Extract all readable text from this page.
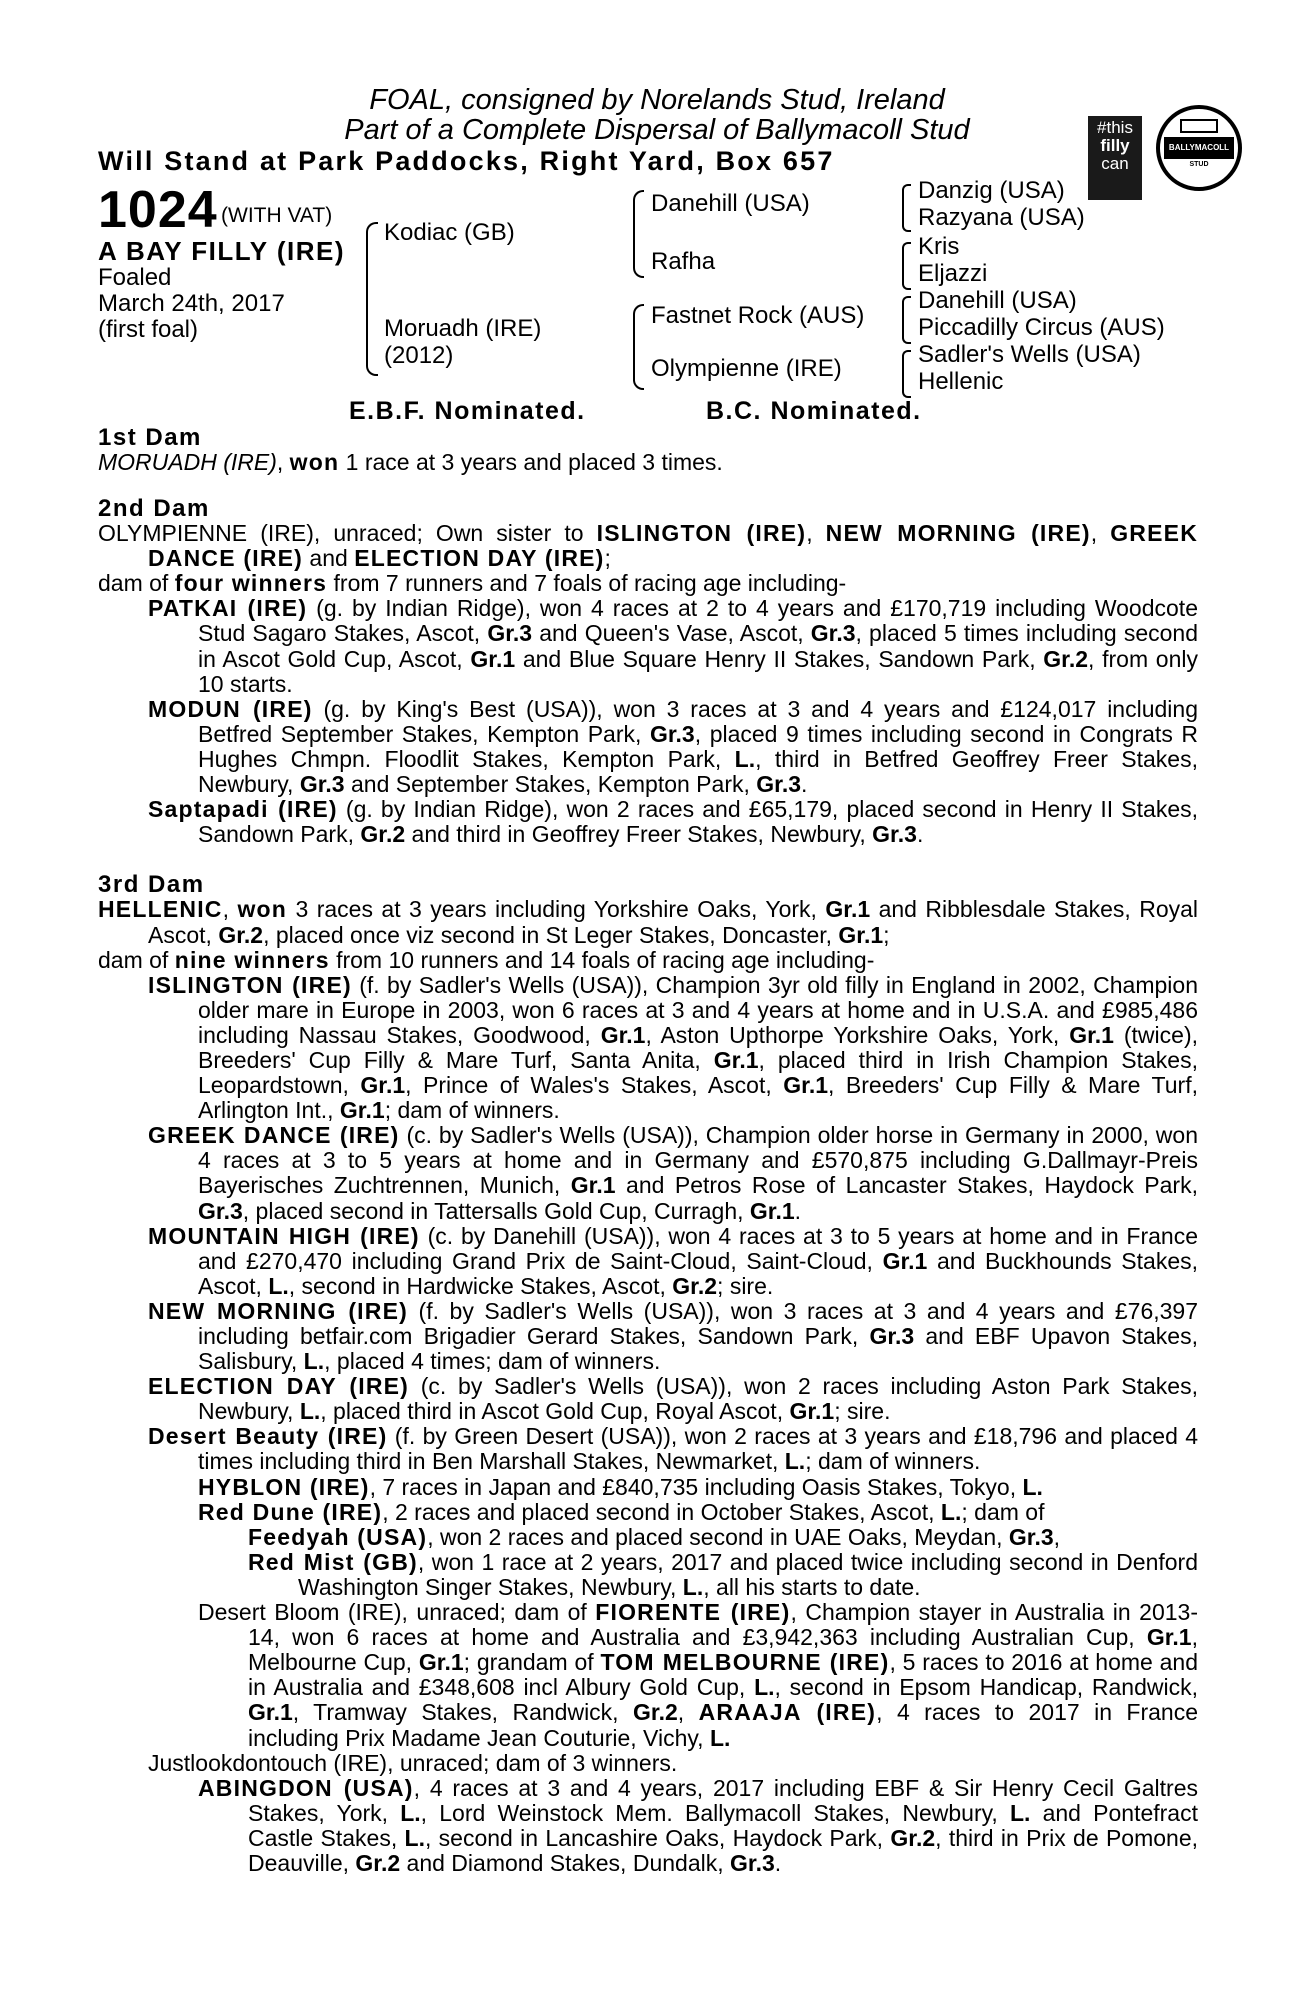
FOAL, consigned by Norelands Stud, Ireland
Part of a Complete Dispersal of Ballymacoll Stud
Will Stand at Park Paddocks, Right Yard, Box 657
#this
filly
can
BALLYMACOLL
STUD
1024 (WITH VAT)
A BAY FILLY (IRE)
Foaled
March 24th, 2017
(first foal)
Kodiac (GB)
Moruadh (IRE)
(2012)
Danehill (USA)
Rafha
Fastnet Rock (AUS)
Olympienne (IRE)
Danzig (USA)
Razyana (USA)
Kris
Eljazzi
Danehill (USA)
Piccadilly Circus (AUS)
Sadler's Wells (USA)
Hellenic
E.B.F. Nominated.	B.C. Nominated.
1st Dam
MORUADH (IRE), won 1 race at 3 years and placed 3 times.

2nd Dam

OLYMPIENNE (IRE), unraced; Own sister to ISLINGTON (IRE), NEW MORNING (IRE), GREEK DANCE (IRE) and ELECTION DAY (IRE);

dam of four winners from 7 runners and 7 foals of racing age including-

PATKAI (IRE) (g. by Indian Ridge), won 4 races at 2 to 4 years and £170,719 including Woodcote Stud Sagaro Stakes, Ascot, Gr.3 and Queen's Vase, Ascot, Gr.3, placed 5 times including second in Ascot Gold Cup, Ascot, Gr.1 and Blue Square Henry II Stakes, Sandown Park, Gr.2, from only 10 starts.

MODUN (IRE) (g. by King's Best (USA)), won 3 races at 3 and 4 years and £124,017 including Betfred September Stakes, Kempton Park, Gr.3, placed 9 times including second in Congrats R Hughes Chmpn. Floodlit Stakes, Kempton Park, L., third in Betfred Geoffrey Freer Stakes, Newbury, Gr.3 and September Stakes, Kempton Park, Gr.3.

Saptapadi (IRE) (g. by Indian Ridge), won 2 races and £65,179, placed second in Henry II Stakes, Sandown Park, Gr.2 and third in Geoffrey Freer Stakes, Newbury, Gr.3.

3rd Dam

HELLENIC, won 3 races at 3 years including Yorkshire Oaks, York, Gr.1 and Ribblesdale Stakes, Royal Ascot, Gr.2, placed once viz second in St Leger Stakes, Doncaster, Gr.1;

dam of nine winners from 10 runners and 14 foals of racing age including-

ISLINGTON (IRE) (f. by Sadler's Wells (USA)), Champion 3yr old filly in England in 2002, Champion older mare in Europe in 2003, won 6 races at 3 and 4 years at home and in U.S.A. and £985,486 including Nassau Stakes, Goodwood, Gr.1, Aston Upthorpe Yorkshire Oaks, York, Gr.1 (twice), Breeders' Cup Filly & Mare Turf, Santa Anita, Gr.1, placed third in Irish Champion Stakes, Leopardstown, Gr.1, Prince of Wales's Stakes, Ascot, Gr.1, Breeders' Cup Filly & Mare Turf, Arlington Int., Gr.1; dam of winners.

GREEK DANCE (IRE) (c. by Sadler's Wells (USA)), Champion older horse in Germany in 2000, won 4 races at 3 to 5 years at home and in Germany and £570,875 including G.Dallmayr-Preis Bayerisches Zuchtrennen, Munich, Gr.1 and Petros Rose of Lancaster Stakes, Haydock Park, Gr.3, placed second in Tattersalls Gold Cup, Curragh, Gr.1.

MOUNTAIN HIGH (IRE) (c. by Danehill (USA)), won 4 races at 3 to 5 years at home and in France and £270,470 including Grand Prix de Saint-Cloud, Saint-Cloud, Gr.1 and Buckhounds Stakes, Ascot, L., second in Hardwicke Stakes, Ascot, Gr.2; sire.

NEW MORNING (IRE) (f. by Sadler's Wells (USA)), won 3 races at 3 and 4 years and £76,397 including betfair.com Brigadier Gerard Stakes, Sandown Park, Gr.3 and EBF Upavon Stakes, Salisbury, L., placed 4 times; dam of winners.

ELECTION DAY (IRE) (c. by Sadler's Wells (USA)), won 2 races including Aston Park Stakes, Newbury, L., placed third in Ascot Gold Cup, Royal Ascot, Gr.1; sire.

Desert Beauty (IRE) (f. by Green Desert (USA)), won 2 races at 3 years and £18,796 and placed 4 times including third in Ben Marshall Stakes, Newmarket, L.; dam of winners.

HYBLON (IRE), 7 races in Japan and £840,735 including Oasis Stakes, Tokyo, L.

Red Dune (IRE), 2 races and placed second in October Stakes, Ascot, L.; dam of

Feedyah (USA), won 2 races and placed second in UAE Oaks, Meydan, Gr.3,

Red Mist (GB), won 1 race at 2 years, 2017 and placed twice including second in Denford Washington Singer Stakes, Newbury, L., all his starts to date.

Desert Bloom (IRE), unraced; dam of FIORENTE (IRE), Champion stayer in Australia in 2013-14, won 6 races at home and Australia and £3,942,363 including Australian Cup, Gr.1, Melbourne Cup, Gr.1; grandam of TOM MELBOURNE (IRE), 5 races to 2016 at home and in Australia and £348,608 incl Albury Gold Cup, L., second in Epsom Handicap, Randwick, Gr.1, Tramway Stakes, Randwick, Gr.2, ARAAJA (IRE), 4 races to 2017 in France including Prix Madame Jean Couturie, Vichy, L.

Justlookdontouch (IRE), unraced; dam of 3 winners.

ABINGDON (USA), 4 races at 3 and 4 years, 2017 including EBF & Sir Henry Cecil Galtres Stakes, York, L., Lord Weinstock Mem. Ballymacoll Stakes, Newbury, L. and Pontefract Castle Stakes, L., second in Lancashire Oaks, Haydock Park, Gr.2, third in Prix de Pomone, Deauville, Gr.2 and Diamond Stakes, Dundalk, Gr.3.
